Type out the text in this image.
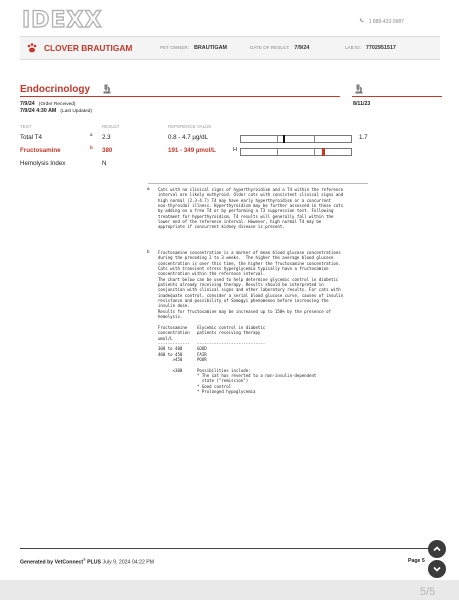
IDEXX	1 888-433-9987
CLOVER BRAUTIGAM	PET OWNER: BRAUTIGAM	DATE OF RESULT: 7/9/24	LAB ID: 7702951517
Endocrinology
7/9/24 (Order Received)
7/9/24 4:30 AM (Last Updated)
8/11/23
TEST	RESULT	REFERENCE VALUE
Total T4	a 2.3	0.8 - 4.7 µg/dL	1.7
Fructosamine	b 380	191 - 349 µmol/L	H
Hemolysis Index	N
a Cats with no clinical signs of hyperthyroidism and a T4 within the reference
interval are likely euthyroid. Older cats with consistent clinical signs and
high normal (2.3-4.7) T4 may have early hyperthyroidism or a concurrent
non-thyroidal illness. Hyperthyroidism may be further assessed in these cats
by adding on a free T4 or by performing a T3 suppression test. Following
treatment for hyperthyroidism, T4 results will generally fall within the
lower end of the reference interval. However, high normal T4 may be
appropriate if concurrent kidney disease is present.
b Fructosamine concentration is a marker of mean blood glucose concentrations
during the preceding 2 to 3 weeks.  The higher the average blood glucose
concentration is over this time, the higher the fructosamine concentration.
Cats with transient stress hyperglycemia typically have a fructosamine
concentration within the reference interval.
The chart below can be used to help determine glycemic control in diabetic
patients already receiving therapy. Results should be interpreted in
conjunction with clinical signs and other laboratory results. For cats with
inadequate control, consider a serial blood glucose curve, causes of insulin
resistance and possibility of Somogyi phenomenon before increasing the
insulin dose.
Results for fructosamine may be increased up to 150% by the presence of
hemolysis.

Fructosamine    Glycemic control in diabetic
concentration   patients receiving therapy
umol/L
-------------   ----------------------------
300 to 400      GOOD
400 to 450      FAIR
>450      POOR

<300      Possibilities include:
* The cat has reverted to a non-insulin-dependent
state ("remission")
* Good control
* Prolonged hypoglycemia
Generated by VetConnect® PLUS July 9, 2024 04:22 PM	Page 5
5/5
